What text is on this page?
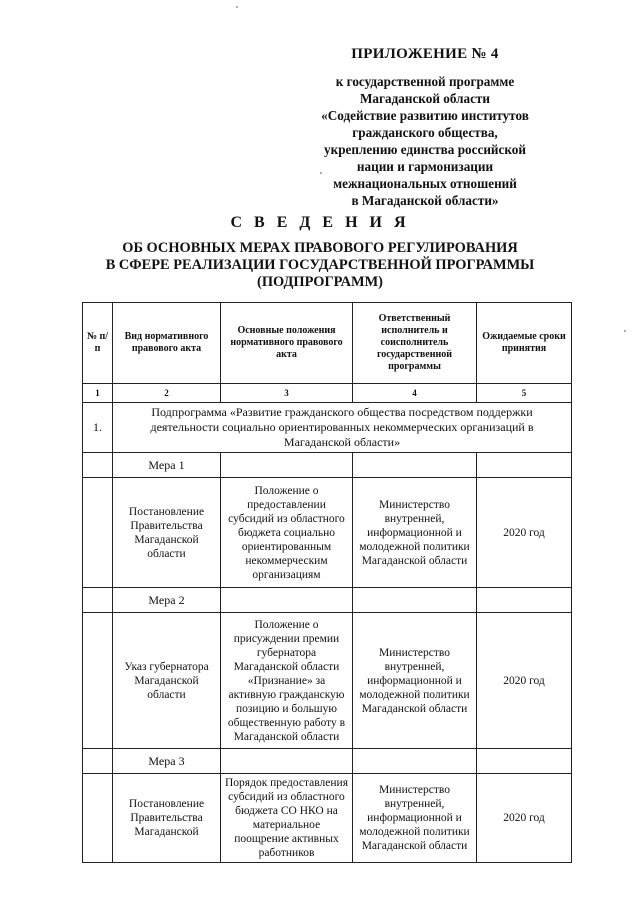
ПРИЛОЖЕНИЕ № 4
к государственной программе
Магаданской области
«Содействие развитию институтов
гражданского общества,
укреплению единства российской
нации и гармонизации
межнациональных отношений
в Магаданской области»
С В Е Д Е Н И Я
ОБ ОСНОВНЫХ МЕРАХ ПРАВОВОГО РЕГУЛИРОВАНИЯ
В СФЕРЕ РЕАЛИЗАЦИИ ГОСУДАРСТВЕННОЙ ПРОГРАММЫ
(ПОДПРОГРАММ)
№ п/п	Вид нормативного правового акта	Основные положения нормативного правового акта	Ответственный исполнитель и соисполнитель государственной программы	Ожидаемые сроки принятия
1	2	3	4	5
1.	Подпрограмма «Развитие гражданского общества посредством поддержки деятельности социально ориентированных некоммерческих организаций в Магаданской области»			
	Мера 1			
	Постановление Правительства Магаданской области	Положение о предоставлении субсидий из областного бюджета социально ориентированным некоммерческим организациям	Министерство внутренней, информационной и молодежной политики Магаданской области	2020 год
	Мера 2			
	Указ губернатора Магаданской области	Положение о присуждении премии губернатора Магаданской области «Признание» за активную гражданскую позицию и большую общественную работу в Магаданской области	Министерство внутренней, информационной и молодежной политики Магаданской области	2020 год
	Мера 3			
	Постановление Правительства Магаданской	Порядок предоставления субсидий из областного бюджета СО НКО на материальное поощрение активных работников	Министерство внутренней, информационной и молодежной политики Магаданской области	2020 год
